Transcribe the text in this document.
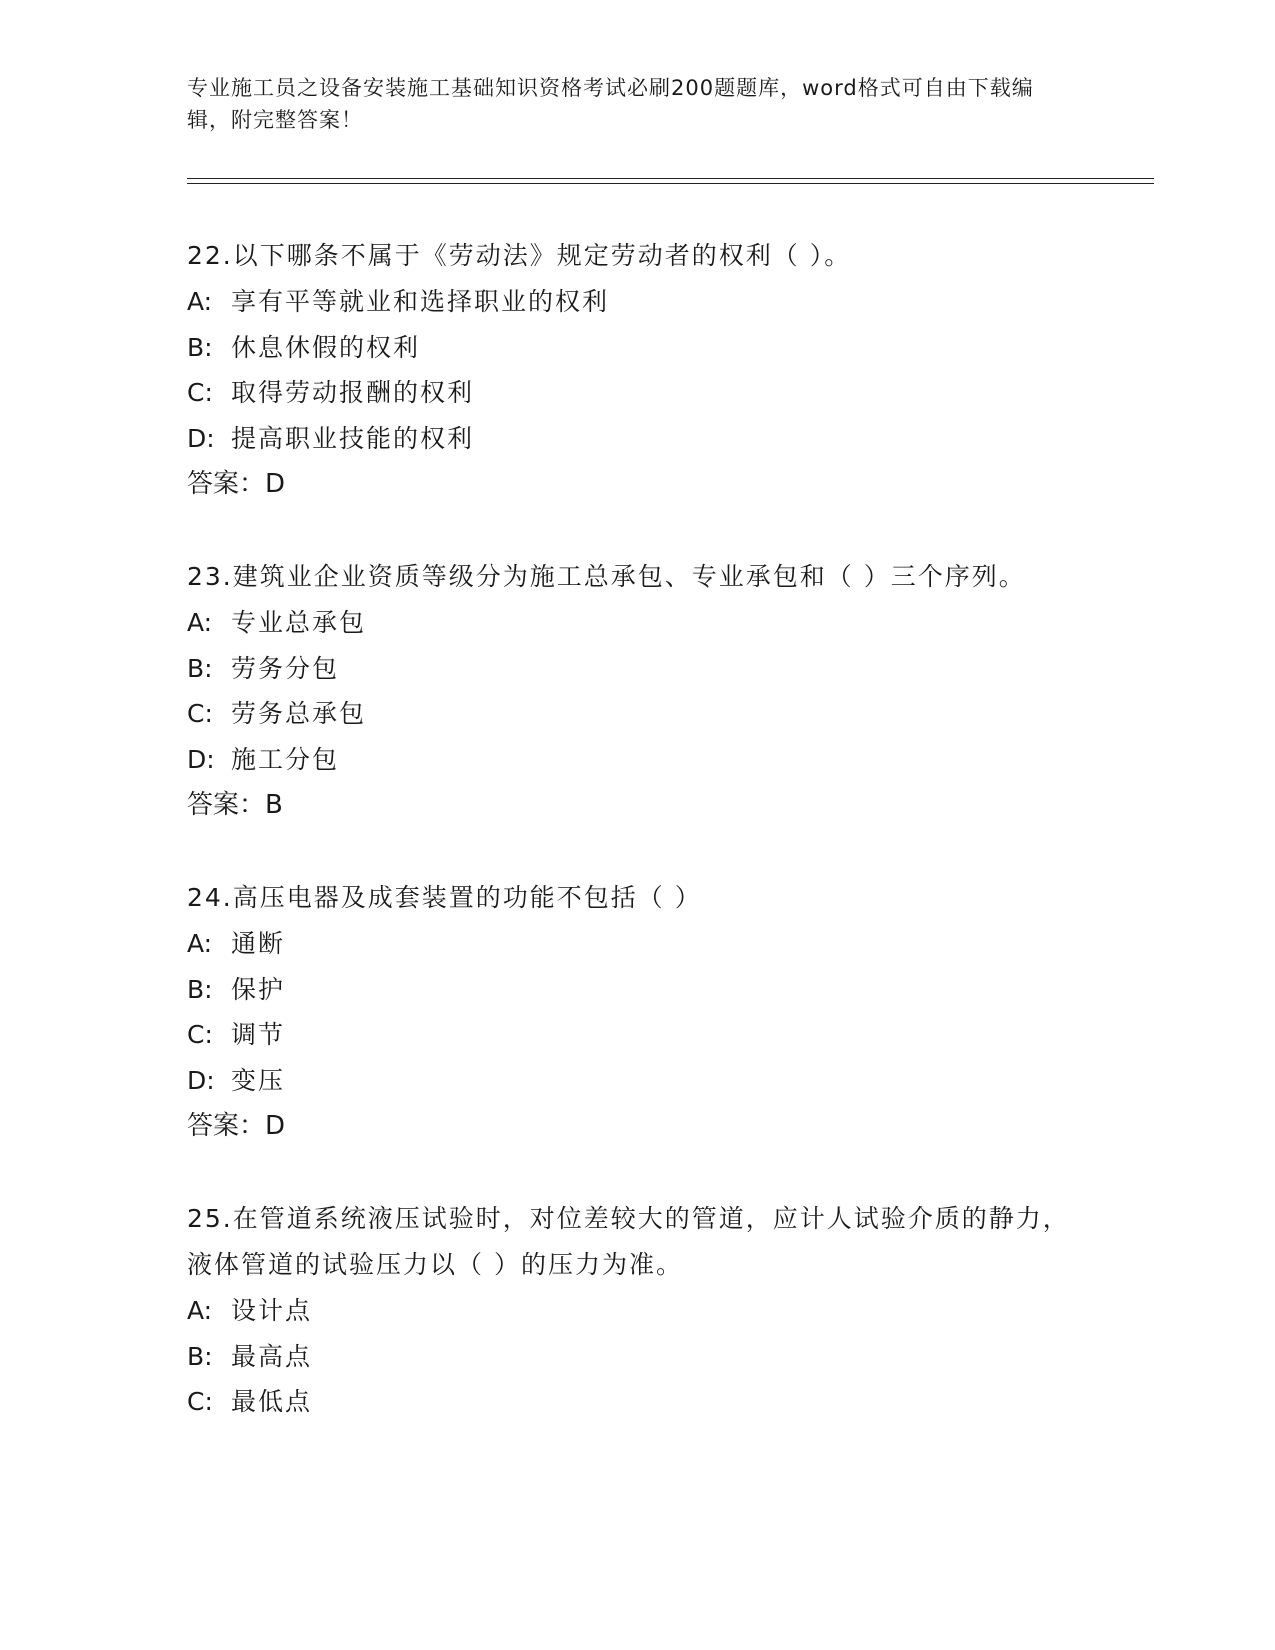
专业施工员之设备安装施工基础知识资格考试必刷200题题库，word格式可自由下载编辑，附完整答案！
22.以下哪条不属于《劳动法》规定劳动者的权利（ ）。
A: 享有平等就业和选择职业的权利
B: 休息休假的权利
C: 取得劳动报酬的权利
D: 提高职业技能的权利
答案：D
23.建筑业企业资质等级分为施工总承包、专业承包和（ ）三个序列。
A: 专业总承包
B: 劳务分包
C: 劳务总承包
D: 施工分包
答案：B
24.高压电器及成套装置的功能不包括（ ）
A: 通断
B: 保护
C: 调节
D: 变压
答案：D
25.在管道系统液压试验时，对位差较大的管道，应计人试验介质的静力，液体管道的试验压力以（ ）的压力为准。
A: 设计点
B: 最高点
C: 最低点
